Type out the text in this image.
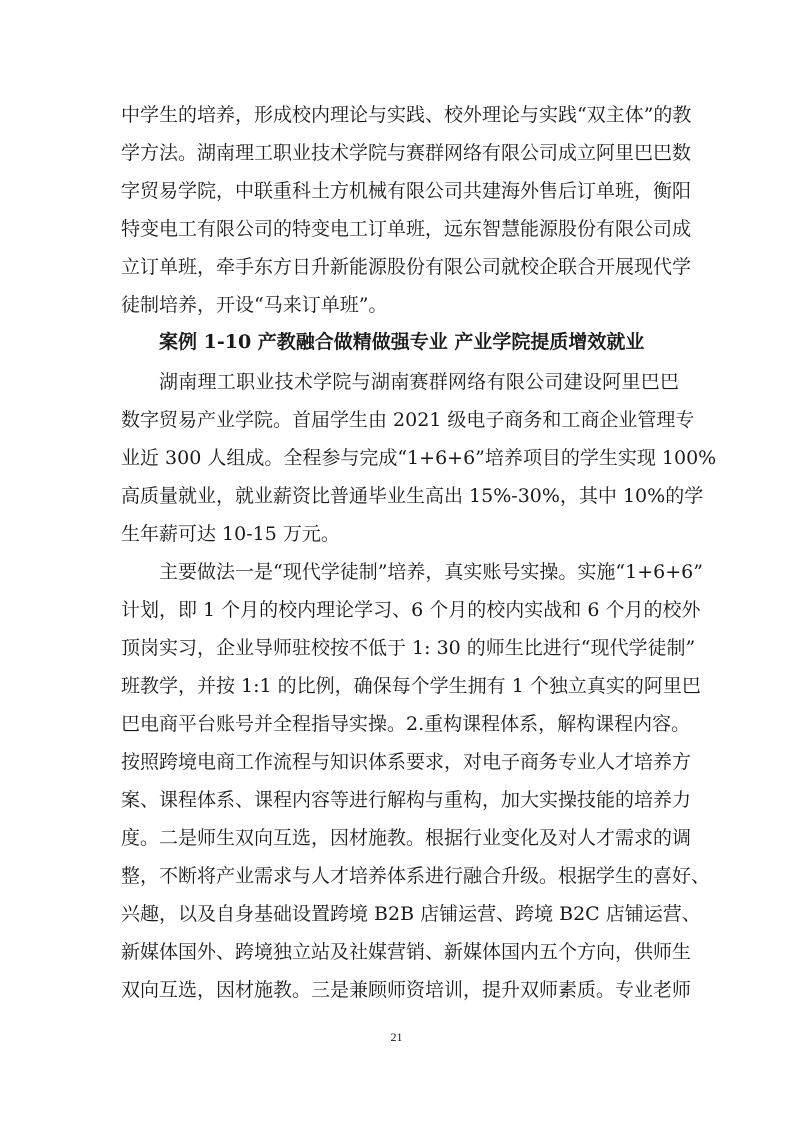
中学生的培养，形成校内理论与实践、校外理论与实践“双主体”的教
学方法。湖南理工职业技术学院与赛群网络有限公司成立阿里巴巴数
字贸易学院，中联重科土方机械有限公司共建海外售后订单班，衡阳
特变电工有限公司的特变电工订单班，远东智慧能源股份有限公司成
立订单班，牵手东方日升新能源股份有限公司就校企联合开展现代学
徒制培养，开设“马来订单班”。
案例 1-10 产教融合做精做强专业 产业学院提质增效就业
湖南理工职业技术学院与湖南赛群网络有限公司建设阿里巴巴
数字贸易产业学院。首届学生由 2021 级电子商务和工商企业管理专
业近 300 人组成。全程参与完成“1+6+6”培养项目的学生实现 100%
高质量就业，就业薪资比普通毕业生高出 15%-30%，其中 10%的学
生年薪可达 10-15 万元。
主要做法一是“现代学徒制”培养，真实账号实操。实施“1+6+6”
计划，即 1 个月的校内理论学习、6 个月的校内实战和 6 个月的校外
顶岗实习，企业导师驻校按不低于 1: 30 的师生比进行“现代学徒制”
班教学，并按 1:1 的比例，确保每个学生拥有 1 个独立真实的阿里巴
巴电商平台账号并全程指导实操。2.重构课程体系，解构课程内容。
按照跨境电商工作流程与知识体系要求，对电子商务专业人才培养方
案、课程体系、课程内容等进行解构与重构，加大实操技能的培养力
度。二是师生双向互选，因材施教。根据行业变化及对人才需求的调
整，不断将产业需求与人才培养体系进行融合升级。根据学生的喜好、
兴趣，以及自身基础设置跨境 B2B 店铺运营、跨境 B2C 店铺运营、
新媒体国外、跨境独立站及社媒营销、新媒体国内五个方向，供师生
双向互选，因材施教。三是兼顾师资培训，提升双师素质。专业老师
21
